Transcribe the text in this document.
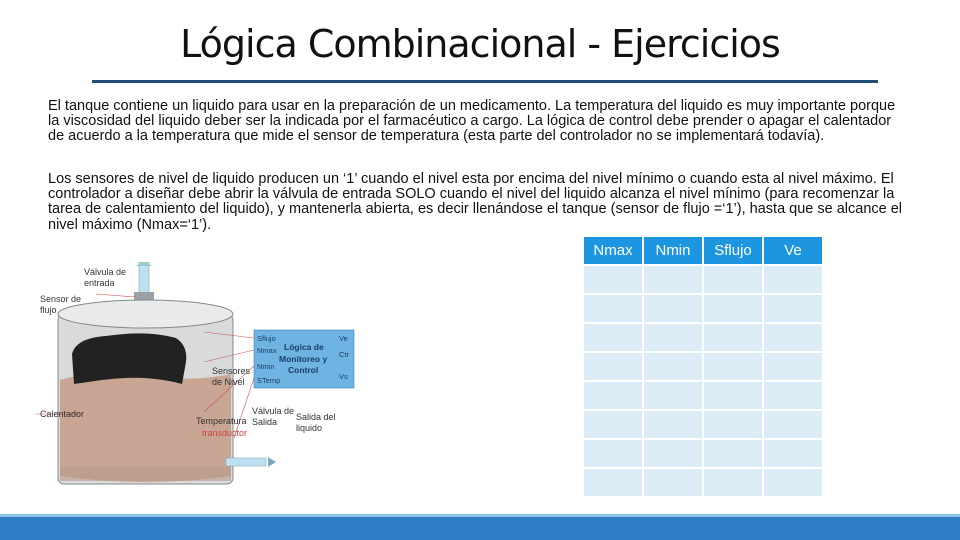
Lógica Combinacional - Ejercicios

El tanque contiene un liquido para usar en la preparación de un medicamento. La temperatura del liquido es muy importante porque la viscosidad del liquido deber ser la indicada por el farmacéutico a cargo. La lógica de control debe prender o apagar el calentador de acuerdo a la temperatura que mide el sensor de temperatura (esta parte del controlador no se implementará todavía).

Los sensores de nivel de liquido producen un ‘1’ cuando el nivel esta por encima del nivel mínimo o cuando esta al nivel máximo. El controlador a diseñar debe abrir la válvula de entrada SOLO cuando el nivel del liquido alcanza el nivel mínimo (para recomenzar la tarea de calentamiento del liquido), y mantenerla abierta, es decir llenándose el tanque (sensor de flujo =‘1’), hasta que se alcance el nivel máximo (Nmax=‘1’).

Nmax	Nmin	Sflujo	Ve

Válvula de
entrada
Sensor de
flujo
Sensores
de Nivel
Calentador
Temperatura
transductor
Válvula de
Salida Salida del
liquido
Lógica de
Monitoreo y
Control
Sflujo
Nmax
Nmin
STemp
Ve
Ctr
Vs
